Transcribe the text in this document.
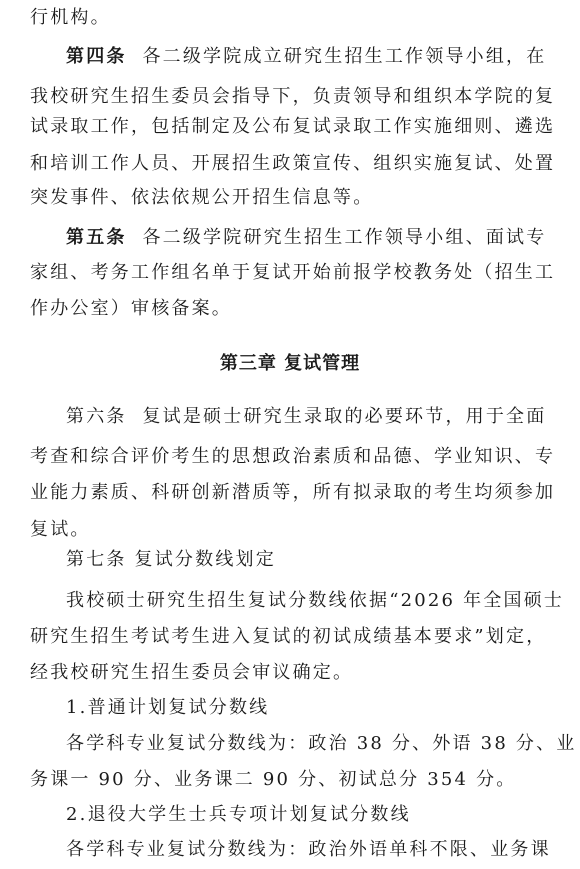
行机构。
第四条 各二级学院成立研究生招生工作领导小组，在
我校研究生招生委员会指导下，负责领导和组织本学院的复
试录取工作，包括制定及公布复试录取工作实施细则、遴选
和培训工作人员、开展招生政策宣传、组织实施复试、处置
突发事件、依法依规公开招生信息等。
第五条 各二级学院研究生招生工作领导小组、面试专
家组、考务工作组名单于复试开始前报学校教务处（招生工
作办公室）审核备案。
第三章 复试管理
第六条 复试是硕士研究生录取的必要环节，用于全面
考查和综合评价考生的思想政治素质和品德、学业知识、专
业能力素质、科研创新潜质等，所有拟录取的考生均须参加
复试。
第七条 复试分数线划定
我校硕士研究生招生复试分数线依据“2026 年全国硕士
研究生招生考试考生进入复试的初试成绩基本要求”划定，
经我校研究生招生委员会审议确定。
1.普通计划复试分数线
各学科专业复试分数线为：政治 38 分、外语 38 分、业
务课一 90 分、业务课二 90 分、初试总分 354 分。
2.退役大学生士兵专项计划复试分数线
各学科专业复试分数线为：政治外语单科不限、业务课
